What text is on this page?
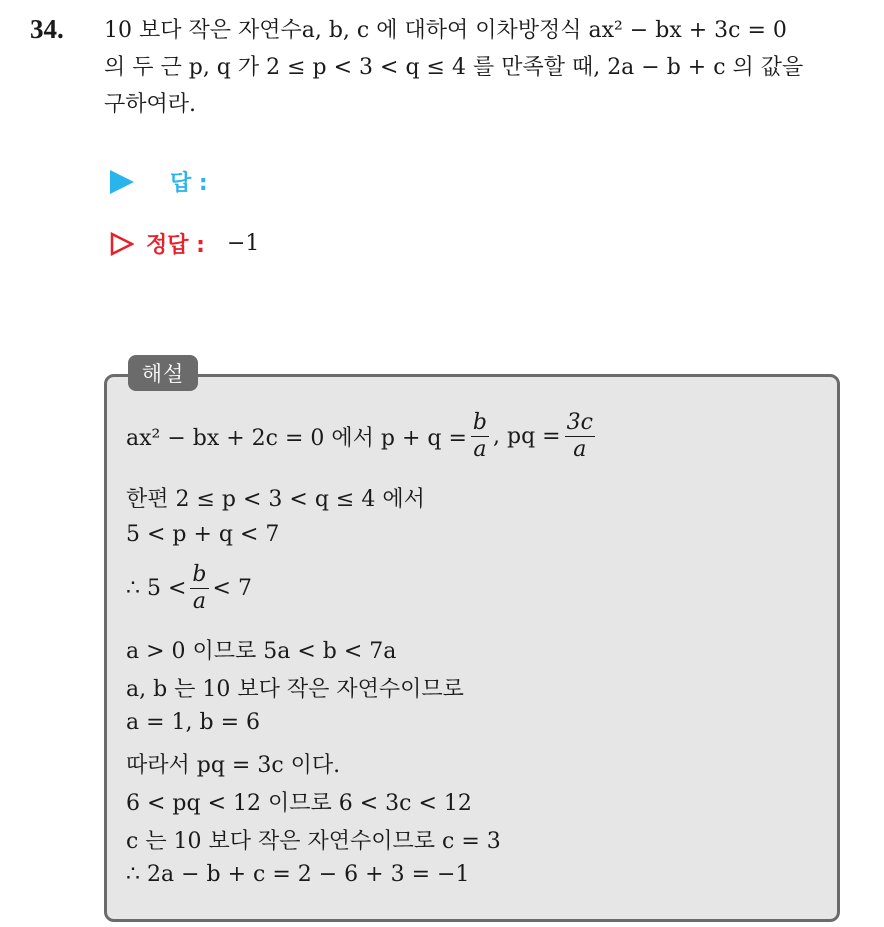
34. 10 보다 작은 자연수a, b, c 에 대하여 이차방정식 ax² − bx + 3c = 0
의 두 근 p, q 가 2 ≤ p < 3 < q ≤ 4 를 만족할 때, 2a − b + c 의 값을
구하여라.
답 :
정답 : −1
해설
ax² − bx + 2c = 0 에서 $p + q = \frac{b}{a}$ , pq = $\frac{3c}{a}$
한편 2 ≤ p < 3 < q ≤ 4 에서
5 < p + q < 7
∴ $5 < \frac{b}{a} < 7$
a > 0 이므로 5a < b < 7a
a, b 는 10 보다 작은 자연수이므로
a = 1, b = 6
따라서 pq = 3c 이다.
6 < pq < 12 이므로 6 < 3c < 12
c 는 10 보다 작은 자연수이므로 c = 3
∴ 2a − b + c = 2 − 6 + 3 = −1
